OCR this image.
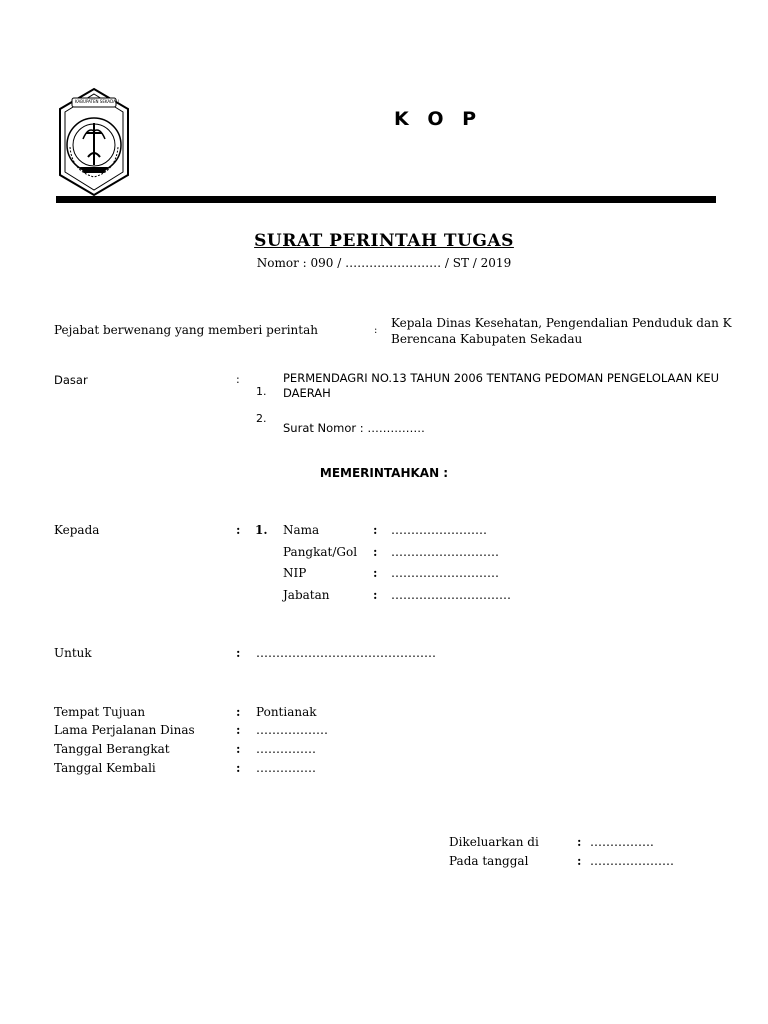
KABUPATEN SEKADAU
K O P
SURAT PERINTAH TUGAS
Nomor : 090 / …………………… / ST / 2019
Pejabat berwenang yang memberi perintah	:
Kepala Dinas Kesehatan, Pengendalian Penduduk dan K
Berencana Kabupaten Sekadau
Dasar	:
1.
PERMENDAGRI NO.13 TAHUN 2006 TENTANG PEDOMAN PENGELOLAAN KEU
DAERAH
2.
Surat Nomor : ……………
MEMERINTAHKAN :
Kepada	: 1. Nama	: ……………………
Pangkat/Gol : ………………………
NIP	: ………………………
Jabatan	: …………………………
Untuk	: ………………………………………
Tempat Tujuan	: Pontianak
Lama Perjalanan Dinas	: ………………
Tanggal Berangkat	: ……………
Tanggal Kembali	: ……………
Dikeluarkan di	: …………….
Pada tanggal	: …………………
